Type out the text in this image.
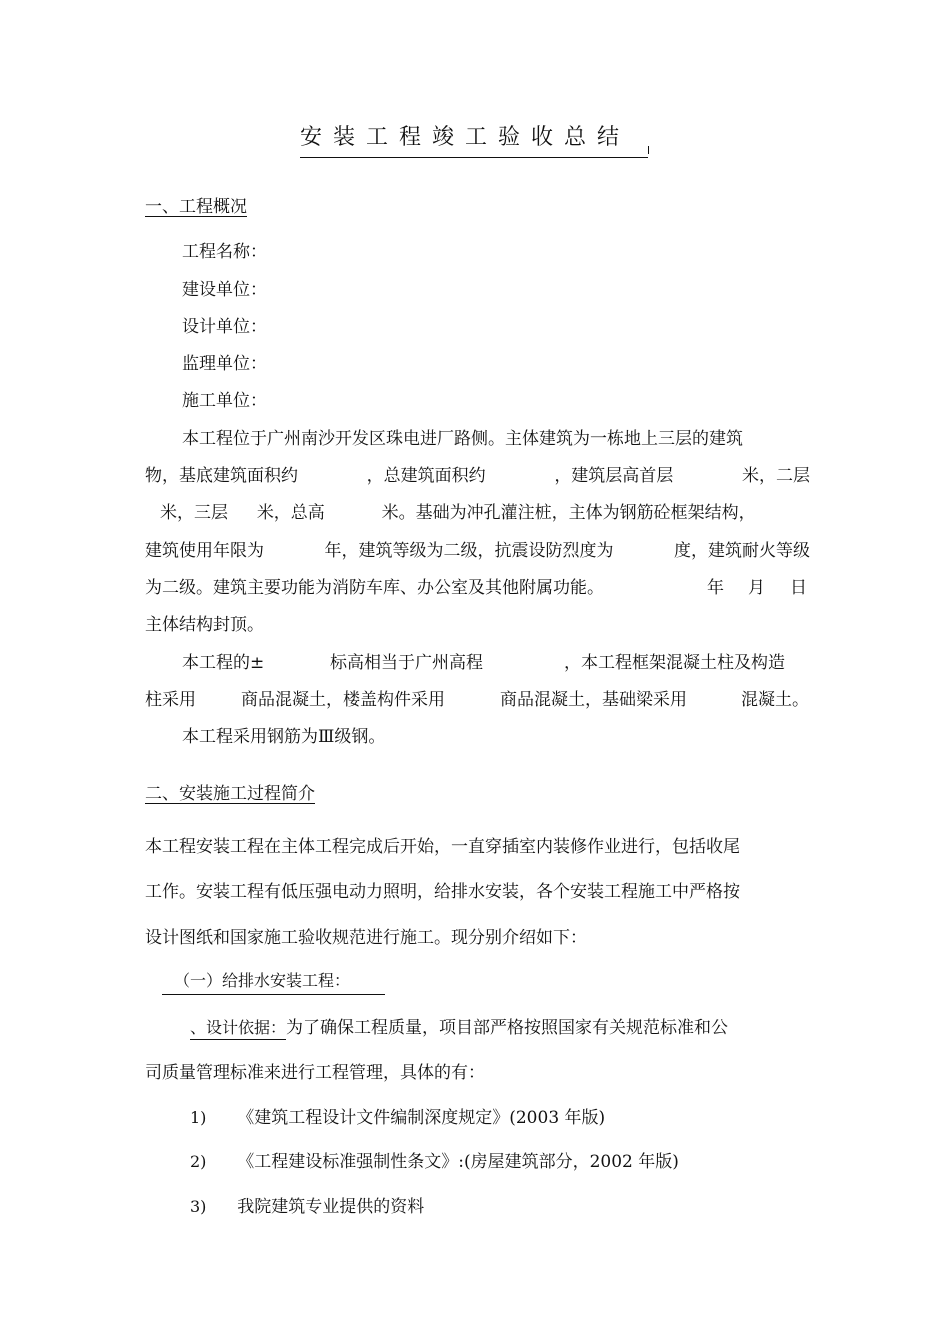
安装工程竣工验收总结
一、工程概况
工程名称：
建设单位：
设计单位：
监理单位：
施工单位：
本工程位于广州南沙开发区珠电进厂路侧。主体建筑为一栋地上三层的建筑
物，基底建筑面积约	，总建筑面积约	，建筑层高首层	米，二层
米，三层 米，总高	米。基础为冲孔灌注桩，主体为钢筋砼框架结构，
建筑使用年限为	年，建筑等级为二级，抗震设防烈度为	度，建筑耐火等级
为二级。建筑主要功能为消防车库、办公室及其他附属功能。	年 月 日
主体结构封顶。
本工程的±	标高相当于广州高程	，本工程框架混凝土柱及构造
柱采用	商品混凝土，楼盖构件采用	商品混凝土，基础梁采用	混凝土。
本工程采用钢筋为Ⅲ级钢。
二、安装施工过程简介
本工程安装工程在主体工程完成后开始，一直穿插室内装修作业进行，包括收尾
工作。安装工程有低压强电动力照明，给排水安装，各个安装工程施工中严格按
设计图纸和国家施工验收规范进行施工。现分别介绍如下：
（一）给排水安装工程：
、设计依据：为了确保工程质量，项目部严格按照国家有关规范标准和公
司质量管理标准来进行工程管理，具体的有：
1) 《建筑工程设计文件编制深度规定》(2003 年版)
2) 《工程建设标准强制性条文》:(房屋建筑部分，2002 年版)
3) 我院建筑专业提供的资料
